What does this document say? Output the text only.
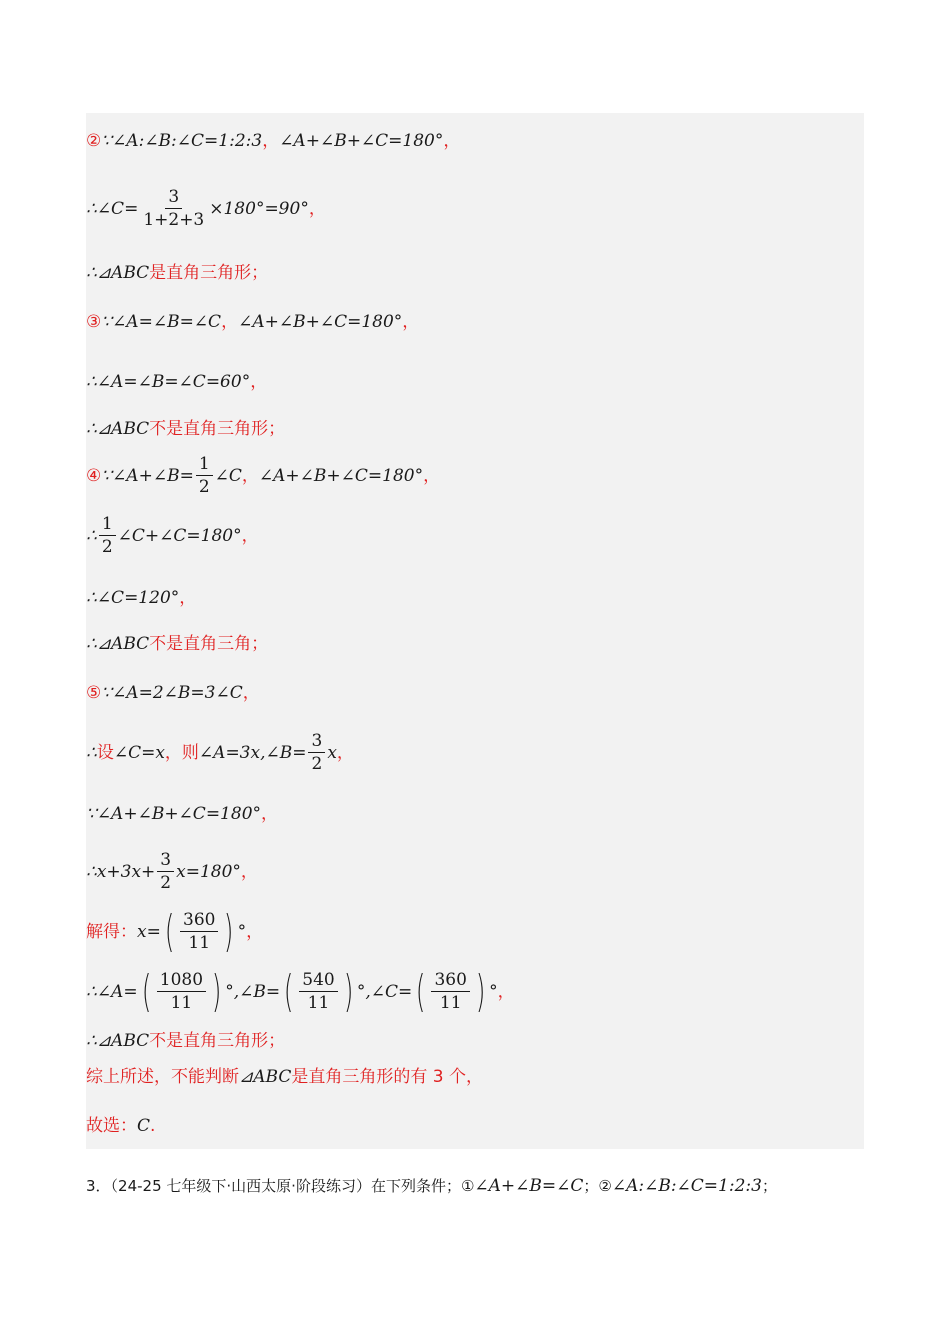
② ∵∠A:∠B:∠C=1:2:3 ， ∠A+∠B+∠C=180° ，
∴∠C= $\frac{3}{1+2+3} \times 180^\circ=90^\circ$ ，
∴⊿ABC 是直角三角形；
③ ∵∠A=∠B=∠C ， ∠A+∠B+∠C=180° ，
∴∠A=∠B=∠C=60° ，
∴⊿ABC 不是直角三角形；
④ ∵∠A+∠B= $\frac{1}{2}$ ∠C ， ∠A+∠B+∠C=180° ，
∴ $\frac{1}{2}$ ∠C+∠C=180° ，
∴∠C=120° ，
∴⊿ABC 不是直角三角；
⑤ ∵∠A=2∠B=3∠C ，
∴ 设 ∠C=x ，则 ∠A=3x,∠B= $\frac{3}{2}$ x ，
∵∠A+∠B+∠C=180° ，
∴x+3x+ $\frac{3}{2} x=180^\circ$ ，
解得： x= ( $\frac{360}{11}$ ) ° ，
∴∠A= ( $\frac{1080}{11}$ ) °,∠B= ( $\frac{540}{11}$ ) °,∠C= ( $\frac{360}{11}$ ) ° ，
∴⊿ABC 不是直角三角形；
综上所述，不能判断 ⊿ABC 是直角三角形的有 3 个，
故选： C .
3．（24-25 七年级下·山西太原·阶段练习）在下列条件；①∠A+∠B=∠C；②∠A:∠B:∠C=1:2:3；
